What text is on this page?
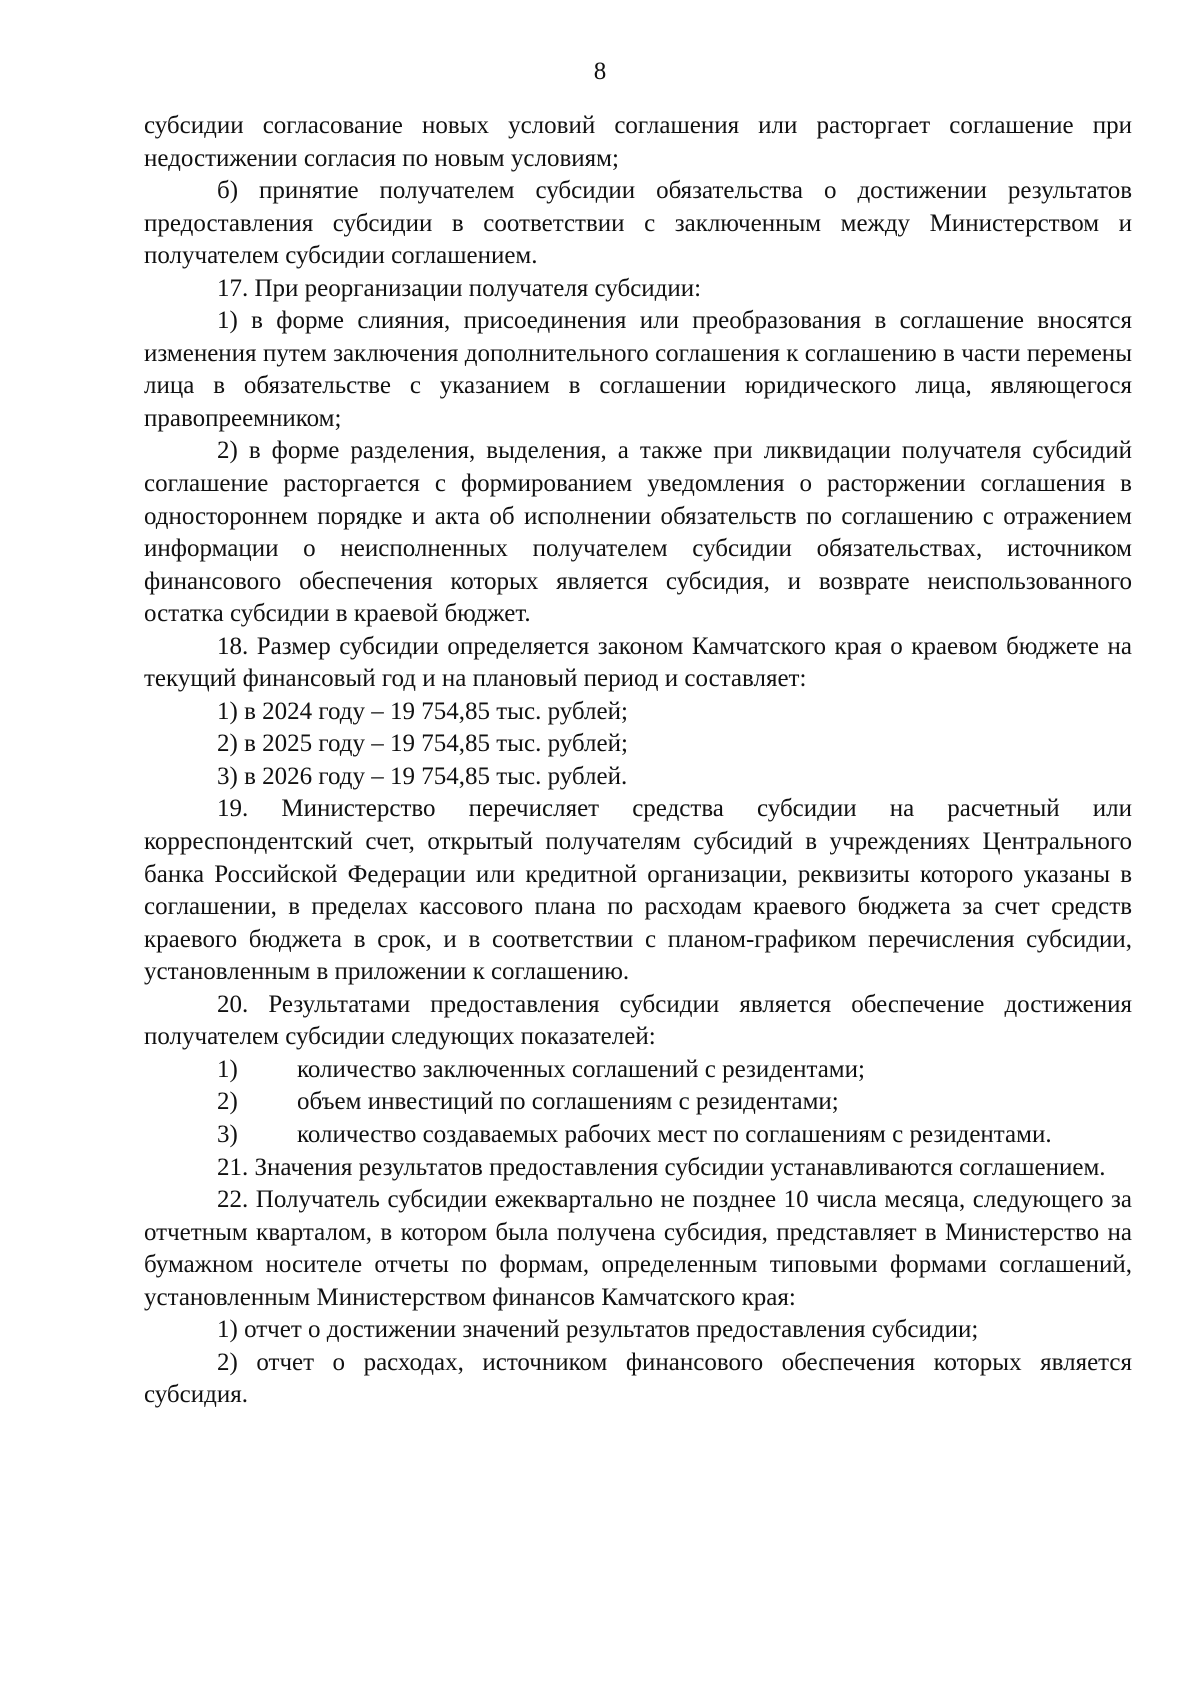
8

субсидии согласование новых условий соглашения или расторгает соглашение при недостижении согласия по новым условиям;

б) принятие получателем субсидии обязательства о достижении результатов предоставления субсидии в соответствии с заключенным между Министерством и получателем субсидии соглашением.

17. При реорганизации получателя субсидии:

1) в форме слияния, присоединения или преобразования в соглашение вносятся изменения путем заключения дополнительного соглашения к соглашению в части перемены лица в обязательстве с указанием в соглашении юридического лица, являющегося правопреемником;

2) в форме разделения, выделения, а также при ликвидации получателя субсидий соглашение расторгается с формированием уведомления о расторжении соглашения в одностороннем порядке и акта об исполнении обязательств по соглашению с отражением информации о неисполненных получателем субсидии обязательствах, источником финансового обеспечения которых является субсидия, и возврате неиспользованного остатка субсидии в краевой бюджет.

18. Размер субсидии определяется законом Камчатского края о краевом бюджете на текущий финансовый год и на плановый период и составляет:

1) в 2024 году – 19 754,85 тыс. рублей;

2) в 2025 году – 19 754,85 тыс. рублей;

3) в 2026 году – 19 754,85 тыс. рублей.

19. Министерство перечисляет средства субсидии на расчетный или корреспондентский счет, открытый получателям субсидий в учреждениях Центрального банка Российской Федерации или кредитной организации, реквизиты которого указаны в соглашении, в пределах кассового плана по расходам краевого бюджета за счет средств краевого бюджета в срок, и в соответствии с планом-графиком перечисления субсидии, установленным в приложении к соглашению.

20. Результатами предоставления субсидии является обеспечение достижения получателем субсидии следующих показателей:

1)	количество заключенных соглашений с резидентами;
2)	объем инвестиций по соглашениям с резидентами;

3) количество создаваемых рабочих мест по соглашениям с резидентами.

21. Значения результатов предоставления субсидии устанавливаются соглашением.

22. Получатель субсидии ежеквартально не позднее 10 числа месяца, следующего за отчетным кварталом, в котором была получена субсидия, представляет в Министерство на бумажном носителе отчеты по формам, определенным типовыми формами соглашений, установленным Министерством финансов Камчатского края:

1) отчет о достижении значений результатов предоставления субсидии;

2) отчет о расходах, источником финансового обеспечения которых является субсидия.
